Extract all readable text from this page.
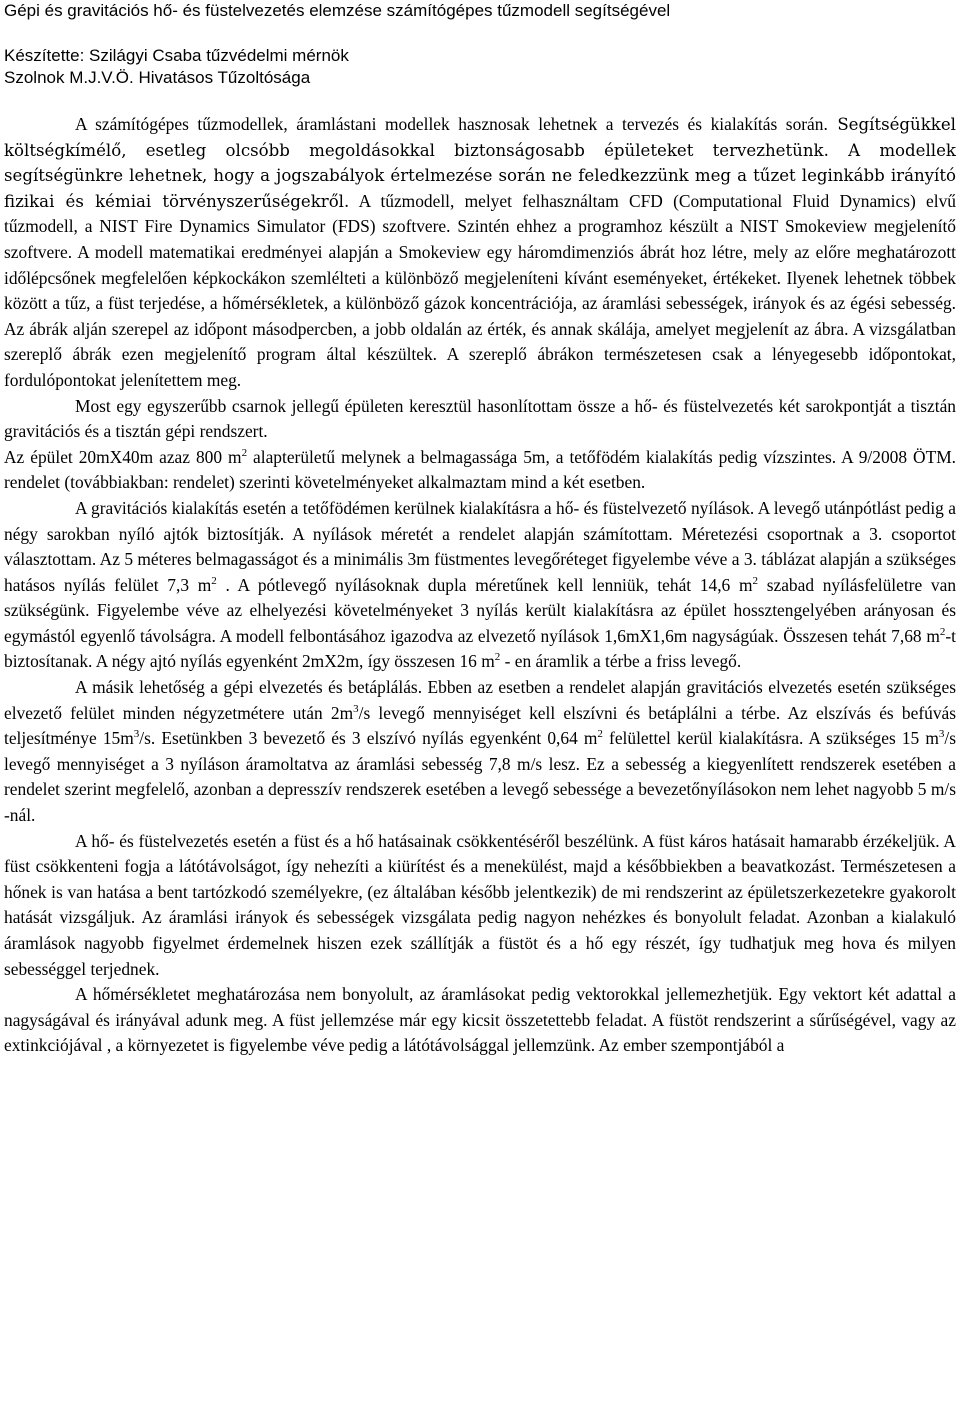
Gépi és gravitációs hő- és füstelvezetés elemzése számítógépes tűzmodell segítségével
Készítette: Szilágyi Csaba tűzvédelmi mérnök
Szolnok M.J.V.Ö. Hivatásos Tűzoltósága

A számítógépes tűzmodellek, áramlástani modellek hasznosak lehetnek a tervezés és kialakítás során. Segítségükkel költségkímélő, esetleg olcsóbb megoldásokkal biztonságosabb épületeket tervezhetünk. A modellek segítségünkre lehetnek, hogy a jogszabályok értelmezése során ne feledkezzünk meg a tűzet leginkább irányító fizikai és kémiai törvényszerűségekről. A tűzmodell, melyet felhasználtam CFD (Computational Fluid Dynamics) elvű tűzmodell, a NIST Fire Dynamics Simulator (FDS) szoftvere. Szintén ehhez a programhoz készült a NIST Smokeview megjelenítő szoftvere. A modell matematikai eredményei alapján a Smokeview egy háromdimenziós ábrát hoz létre, mely az előre meghatározott időlépcsőnek megfelelően képkockákon szemlélteti a különböző megjeleníteni kívánt eseményeket, értékeket. Ilyenek lehetnek többek között a tűz, a füst terjedése, a hőmérsékletek, a különböző gázok koncentrációja, az áramlási sebességek, irányok és az égési sebesség. Az ábrák alján szerepel az időpont másodpercben, a jobb oldalán az érték, és annak skálája, amelyet megjelenít az ábra. A vizsgálatban szereplő ábrák ezen megjelenítő program által készültek. A szereplő ábrákon természetesen csak a lényegesebb időpontokat, fordulópontokat jelenítettem meg.

Most egy egyszerűbb csarnok jellegű épületen keresztül hasonlítottam össze a hő- és füstelvezetés két sarokpontját a tisztán gravitációs és a tisztán gépi rendszert.

Az épület 20mX40m azaz 800 $m^2$ alapterületű melynek a belmagassága 5m, a tetőfödém kialakítás pedig vízszintes. A 9/2008 ÖTM. rendelet (továbbiakban: rendelet) szerinti követelményeket alkalmaztam mind a két esetben.

A gravitációs kialakítás esetén a tetőfödémen kerülnek kialakításra a hő- és füstelvezető nyílások. A levegő utánpótlást pedig a négy sarokban nyíló ajtók biztosítják. A nyílások méretét a rendelet alapján számítottam. Méretezési csoportnak a 3. csoportot választottam. Az 5 méteres belmagasságot és a minimális 3m füstmentes levegőréteget figyelembe véve a 3. táblázat alapján a szükséges hatásos nyílás felület 7,3 $m^2$ . A pótlevegő nyílásoknak dupla méretűnek kell lenniük, tehát 14,6 $m^2$ szabad nyílásfelületre van szükségünk. Figyelembe véve az elhelyezési követelményeket 3 nyílás került kialakításra az épület hossztengelyében arányosan és egymástól egyenlő távolságra. A modell felbontásához igazodva az elvezető nyílások 1,6mX1,6m nagyságúak. Összesen tehát 7,68 $m^2-t$ biztosítanak. A négy ajtó nyílás egyenként 2mX2m, így összesen 16 $m^2$ - en áramlik a térbe a friss levegő.

A másik lehetőség a gépi elvezetés és betáplálás. Ebben az esetben a rendelet alapján gravitációs elvezetés esetén szükséges elvezető felület minden négyzetmétere után $2m^3/s$ levegő mennyiséget kell elszívni és betáplálni a térbe. Az elszívás és befúvás teljesítménye $15m^3/s$. Esetünkben 3 bevezető és 3 elszívó nyílás egyenként 0,64 $m^2$ felülettel kerül kialakításra. A szükséges 15 $m^3/s$ levegő mennyiséget a 3 nyíláson áramoltatva az áramlási sebesség 7,8 m/s lesz. Ez a sebesség a kiegyenlített rendszerek esetében a rendelet szerint megfelelő, azonban a depresszív rendszerek esetében a levegő sebessége a bevezetőnyílásokon nem lehet nagyobb 5 m/s -nál.

A hő- és füstelvezetés esetén a füst és a hő hatásainak csökkentéséről beszélünk. A füst káros hatásait hamarabb érzékeljük. A füst csökkenteni fogja a látótávolságot, így nehezíti a kiürítést és a menekülést, majd a későbbiekben a beavatkozást. Természetesen a hőnek is van hatása a bent tartózkodó személyekre, (ez általában később jelentkezik) de mi rendszerint az épületszerkezetekre gyakorolt hatását vizsgáljuk. Az áramlási irányok és sebességek vizsgálata pedig nagyon nehézkes és bonyolult feladat. Azonban a kialakuló áramlások nagyobb figyelmet érdemelnek hiszen ezek szállítják a füstöt és a hő egy részét, így tudhatjuk meg hova és milyen sebességgel terjednek.

A hőmérsékletet meghatározása nem bonyolult, az áramlásokat pedig vektorokkal jellemezhetjük. Egy vektort két adattal a nagyságával és irányával adunk meg. A füst jellemzése már egy kicsit összetettebb feladat. A füstöt rendszerint a sűrűségével, vagy az extinkciójával , a környezetet is figyelembe véve pedig a látótávolsággal jellemzünk. Az ember szempontjából a
